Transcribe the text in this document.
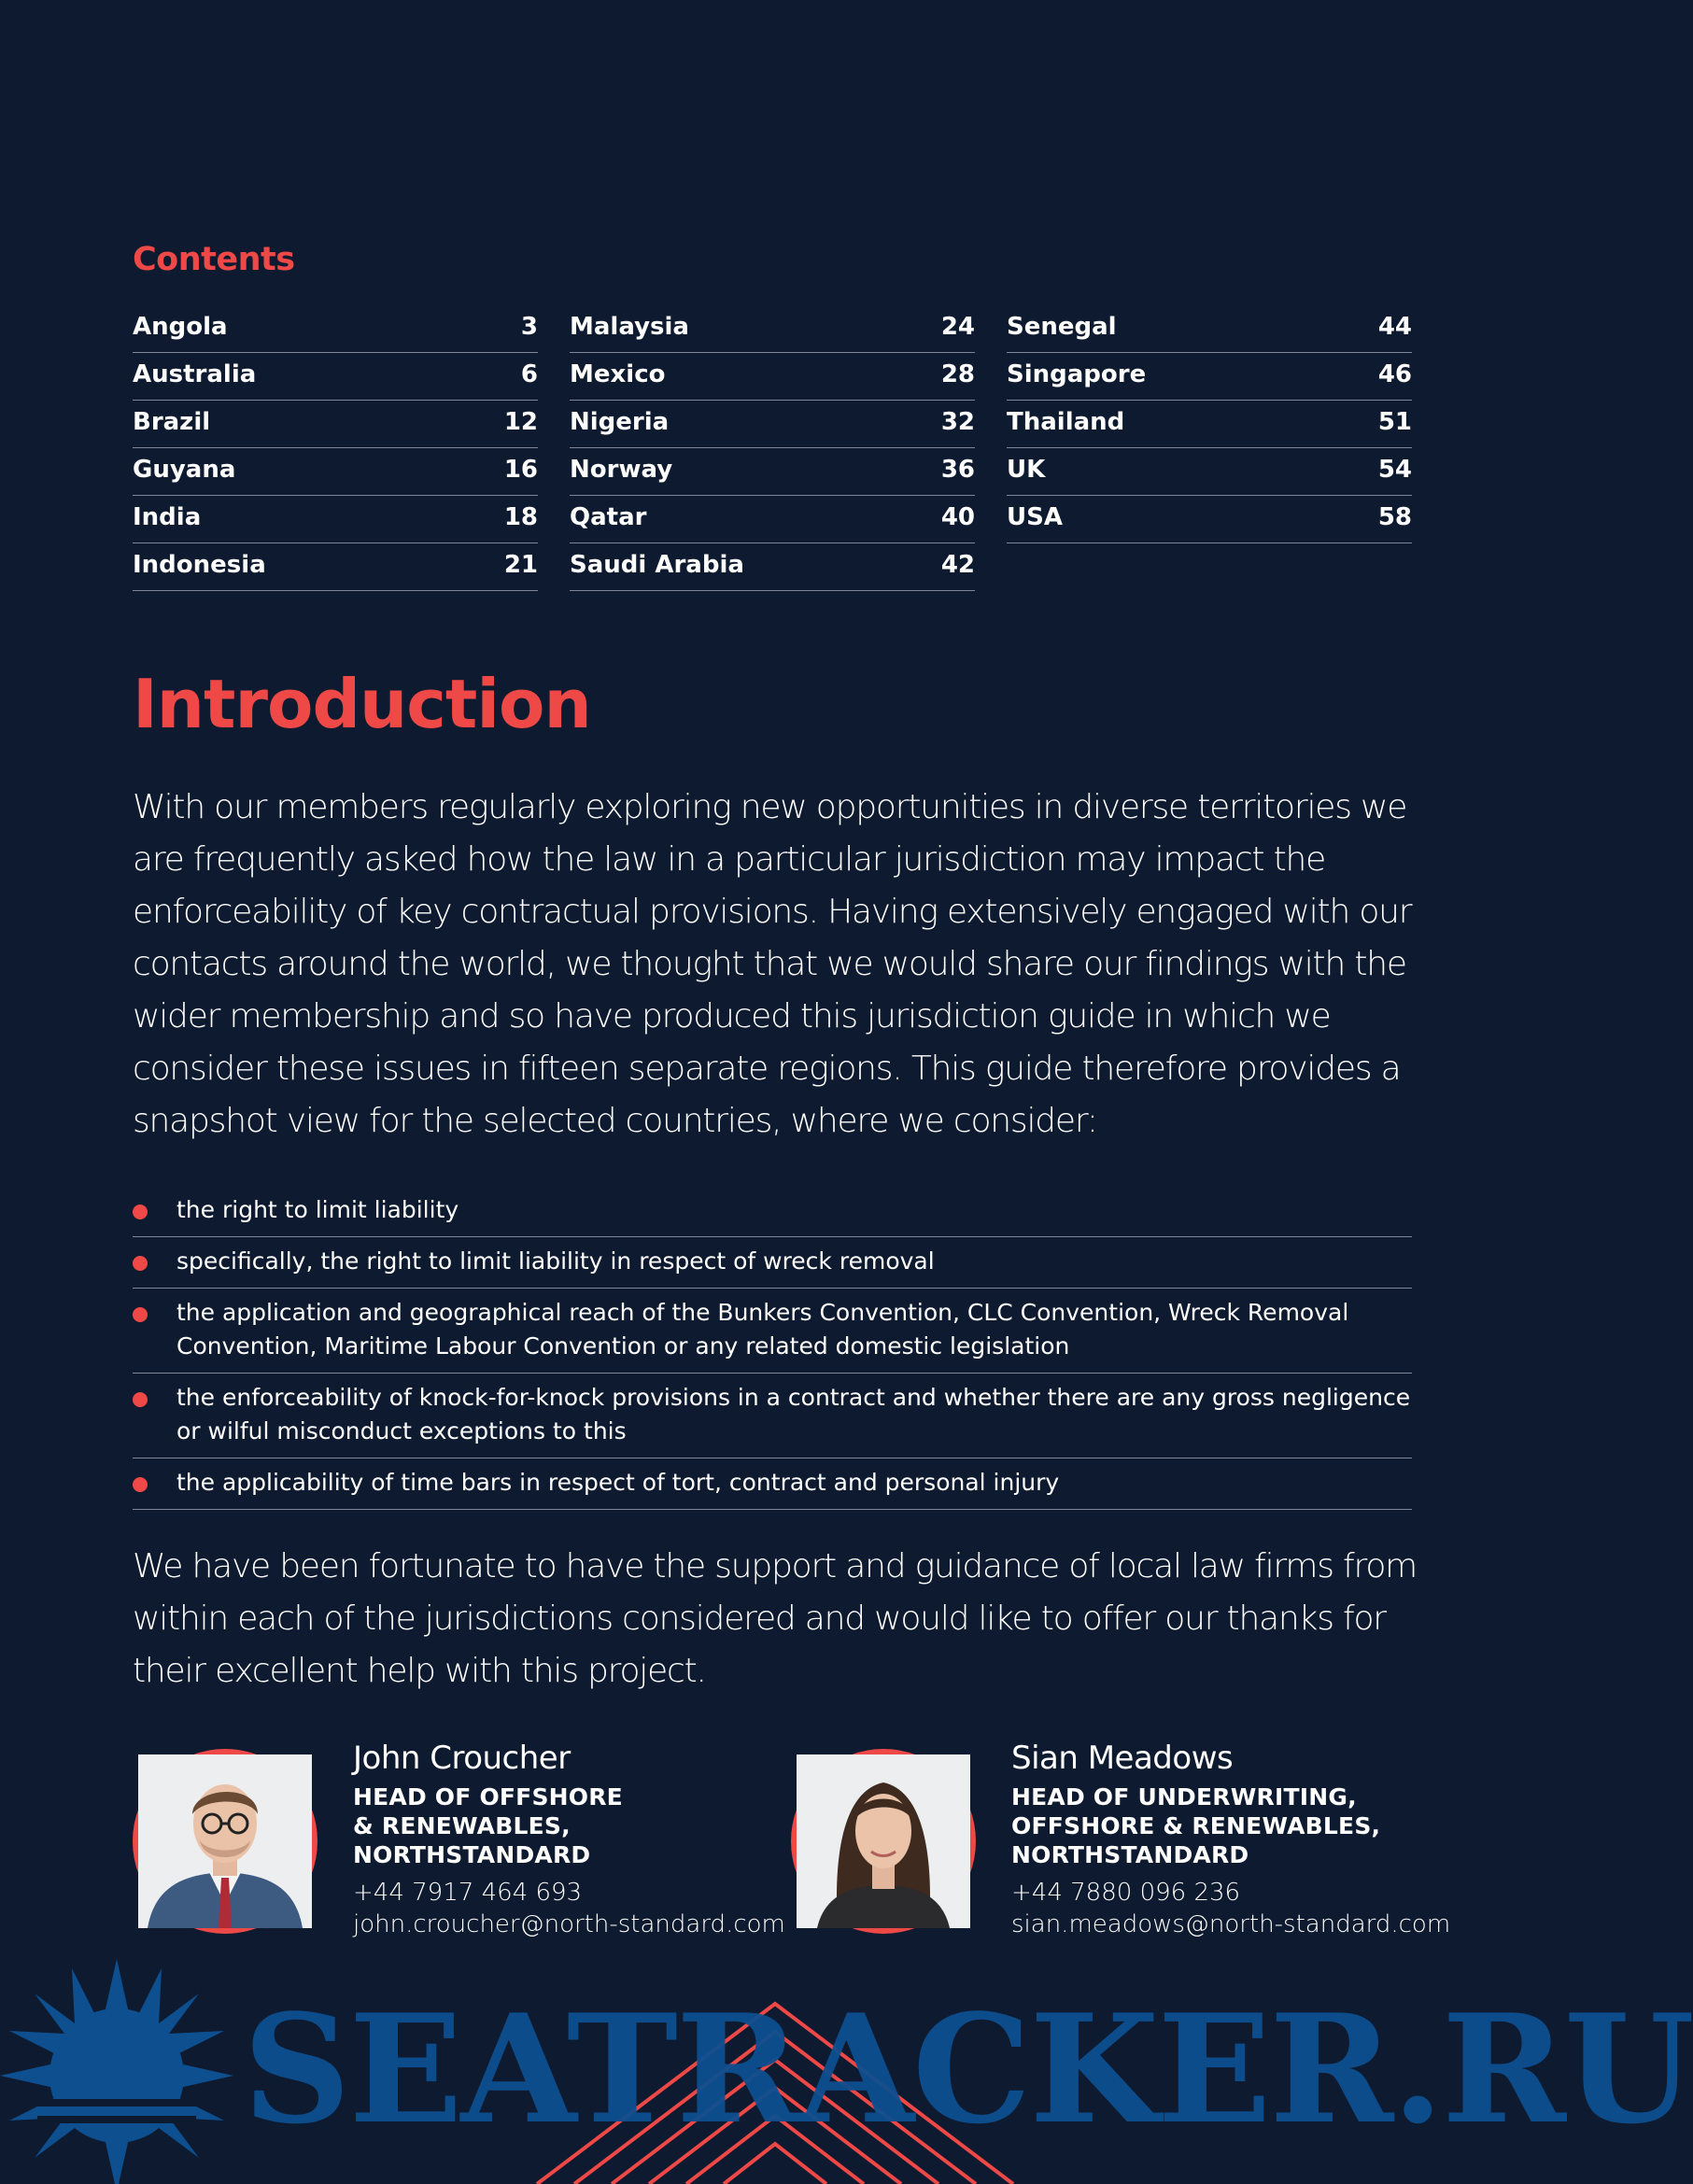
Contents
Angola	3
Australia	6
Brazil	12
Guyana	16
India	18
Indonesia	21
Malaysia	24
Mexico	28
Nigeria	32
Norway	36
Qatar	40
Saudi Arabia	42
Senegal	44
Singapore	46
Thailand	51
UK	54
USA	58
Introduction

With our members regularly exploring new opportunities in diverse territories we are frequently asked how the law in a particular jurisdiction may impact the enforceability of key contractual provisions. Having extensively engaged with our contacts around the world, we thought that we would share our findings with the wider membership and so have produced this jurisdiction guide in which we consider these issues in fifteen separate regions. This guide therefore provides a snapshot view for the selected countries, where we consider:

the right to limit liability
specifically, the right to limit liability in respect of wreck removal
the application and geographical reach of the Bunkers Convention, CLC Convention, Wreck Removal Convention, Maritime Labour Convention or any related domestic legislation
the enforceability of knock-for-knock provisions in a contract and whether there are any gross negligence or wilful misconduct exceptions to this
the applicability of time bars in respect of tort, contract and personal injury

We have been fortunate to have the support and guidance of local law firms from within each of the jurisdictions considered and would like to offer our thanks for their excellent help with this project.

John Croucher
HEAD OF OFFSHORE
& RENEWABLES,
NORTHSTANDARD
+44 7917 464 693
john.croucher@north-standard.com
Sian Meadows
HEAD OF UNDERWRITING,
OFFSHORE & RENEWABLES,
NORTHSTANDARD
+44 7880 096 236
sian.meadows@north-standard.com
SEATRACKER.RU
